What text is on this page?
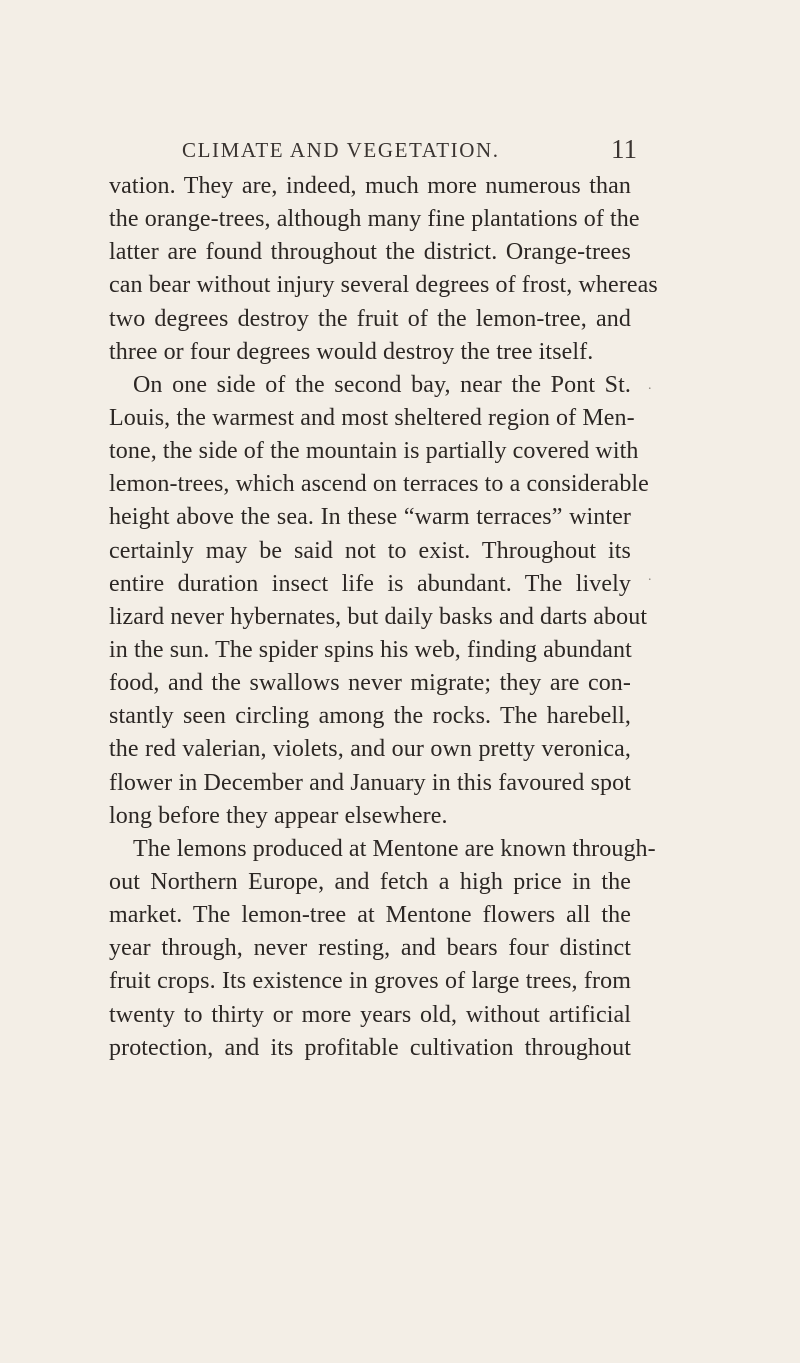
CLIMATE AND VEGETATION.	11
vation. They are, indeed, much more numerous than
the orange-trees, although many fine plantations of the
latter are found throughout the district. Orange-trees
can bear without injury several degrees of frost, whereas
two degrees destroy the fruit of the lemon-tree, and
three or four degrees would destroy the tree itself.
On one side of the second bay, near the Pont St.
Louis, the warmest and most sheltered region of Men-
tone, the side of the mountain is partially covered with
lemon-trees, which ascend on terraces to a considerable
height above the sea. In these “warm terraces” winter
certainly may be said not to exist. Throughout its
entire duration insect life is abundant. The lively
lizard never hybernates, but daily basks and darts about
in the sun. The spider spins his web, finding abundant
food, and the swallows never migrate; they are con-
stantly seen circling among the rocks. The harebell,
the red valerian, violets, and our own pretty veronica,
flower in December and January in this favoured spot
long before they appear elsewhere.
The lemons produced at Mentone are known through-
out Northern Europe, and fetch a high price in the
market. The lemon-tree at Mentone flowers all the
year through, never resting, and bears four distinct
fruit crops. Its existence in groves of large trees, from
twenty to thirty or more years old, without artificial
protection, and its profitable cultivation throughout
.
.
